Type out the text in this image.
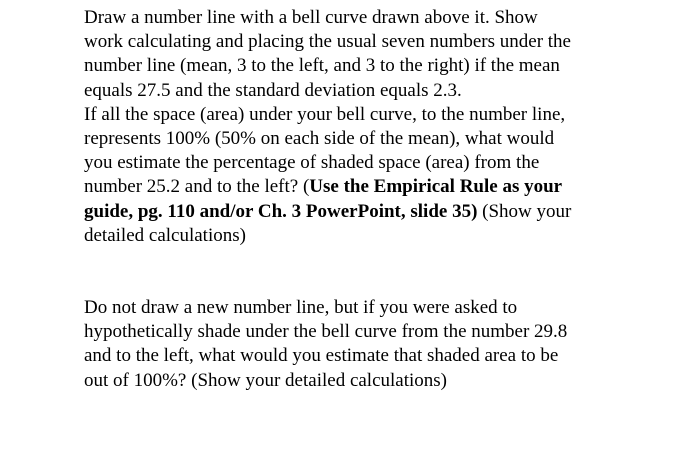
Draw a number line with a bell curve drawn above it. Show
work calculating and placing the usual seven numbers under the
number line (mean, 3 to the left, and 3 to the right) if the mean
equals 27.5 and the standard deviation equals 2.3.
If all the space (area) under your bell curve, to the number line,
represents 100% (50% on each side of the mean), what would
you estimate the percentage of shaded space (area) from the
number 25.2 and to the left? (Use the Empirical Rule as your
guide, pg. 110 and/or Ch. 3 PowerPoint, slide 35) (Show your
detailed calculations)
Do not draw a new number line, but if you were asked to
hypothetically shade under the bell curve from the number 29.8
and to the left, what would you estimate that shaded area to be
out of 100%? (Show your detailed calculations)
